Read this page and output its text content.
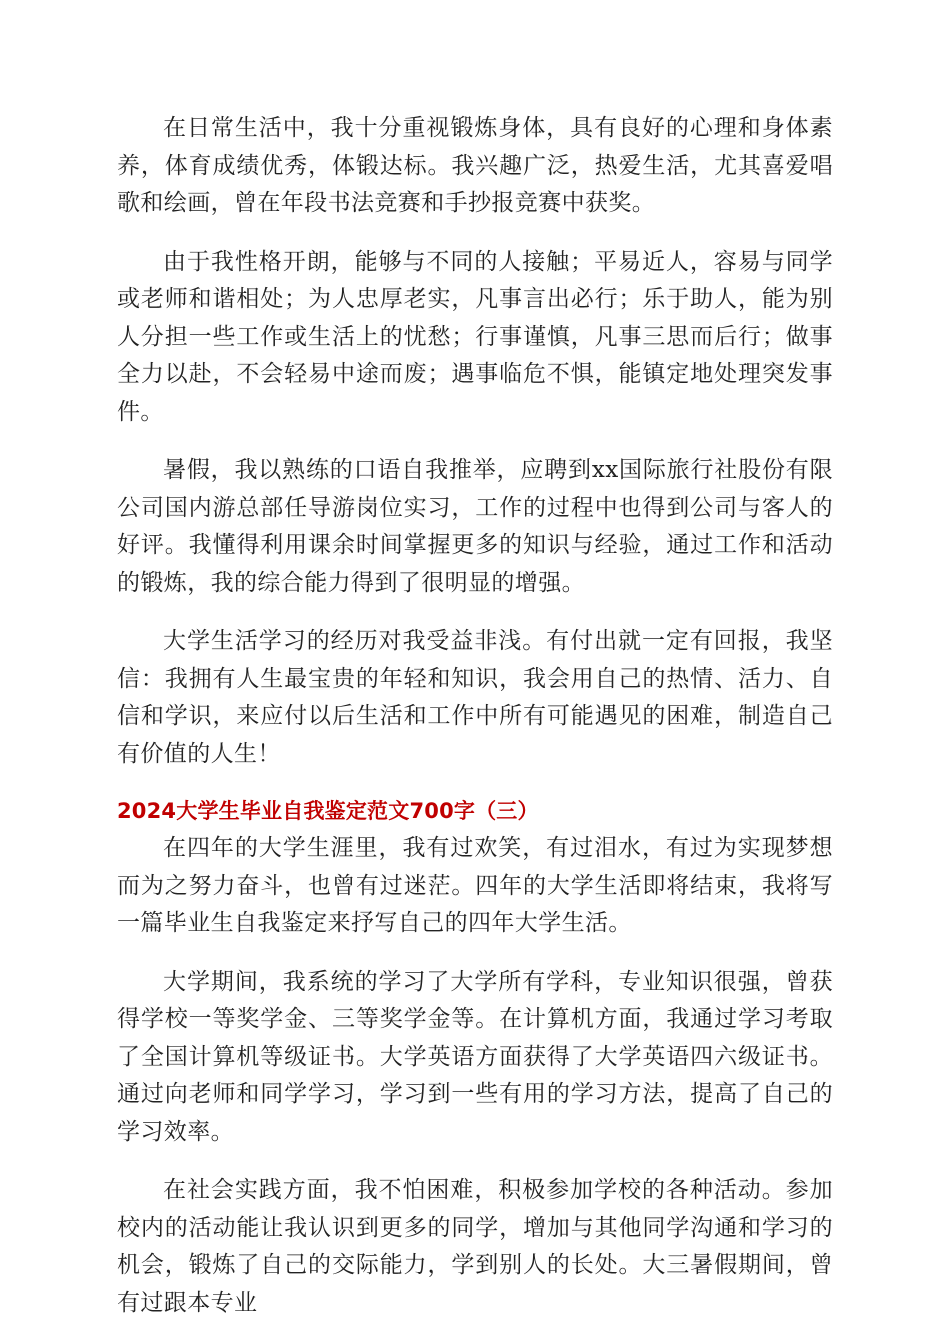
在日常生活中，我十分重视锻炼身体，具有良好的心理和身体素养，体育成绩优秀，体锻达标。我兴趣广泛，热爱生活，尤其喜爱唱歌和绘画，曾在年段书法竞赛和手抄报竞赛中获奖。

由于我性格开朗，能够与不同的人接触；平易近人，容易与同学或老师和谐相处；为人忠厚老实，凡事言出必行；乐于助人，能为别人分担一些工作或生活上的忧愁；行事谨慎，凡事三思而后行；做事全力以赴，不会轻易中途而废；遇事临危不惧，能镇定地处理突发事件。

暑假，我以熟练的口语自我推举，应聘到xx国际旅行社股份有限公司国内游总部任导游岗位实习，工作的过程中也得到公司与客人的好评。我懂得利用课余时间掌握更多的知识与经验，通过工作和活动的锻炼，我的综合能力得到了很明显的增强。

大学生活学习的经历对我受益非浅。有付出就一定有回报，我坚信：我拥有人生最宝贵的年轻和知识，我会用自己的热情、活力、自信和学识，来应付以后生活和工作中所有可能遇见的困难，制造自己有价值的人生！

2024大学生毕业自我鉴定范文700字（三）

在四年的大学生涯里，我有过欢笑，有过泪水，有过为实现梦想而为之努力奋斗，也曾有过迷茫。四年的大学生活即将结束，我将写一篇毕业生自我鉴定来抒写自己的四年大学生活。

大学期间，我系统的学习了大学所有学科，专业知识很强，曾获得学校一等奖学金、三等奖学金等。在计算机方面，我通过学习考取了全国计算机等级证书。大学英语方面获得了大学英语四六级证书。通过向老师和同学学习，学习到一些有用的学习方法，提高了自己的学习效率。

在社会实践方面，我不怕困难，积极参加学校的各种活动。参加校内的活动能让我认识到更多的同学，增加与其他同学沟通和学习的机会，锻炼了自己的交际能力，学到别人的长处。大三暑假期间，曾有过跟本专业
